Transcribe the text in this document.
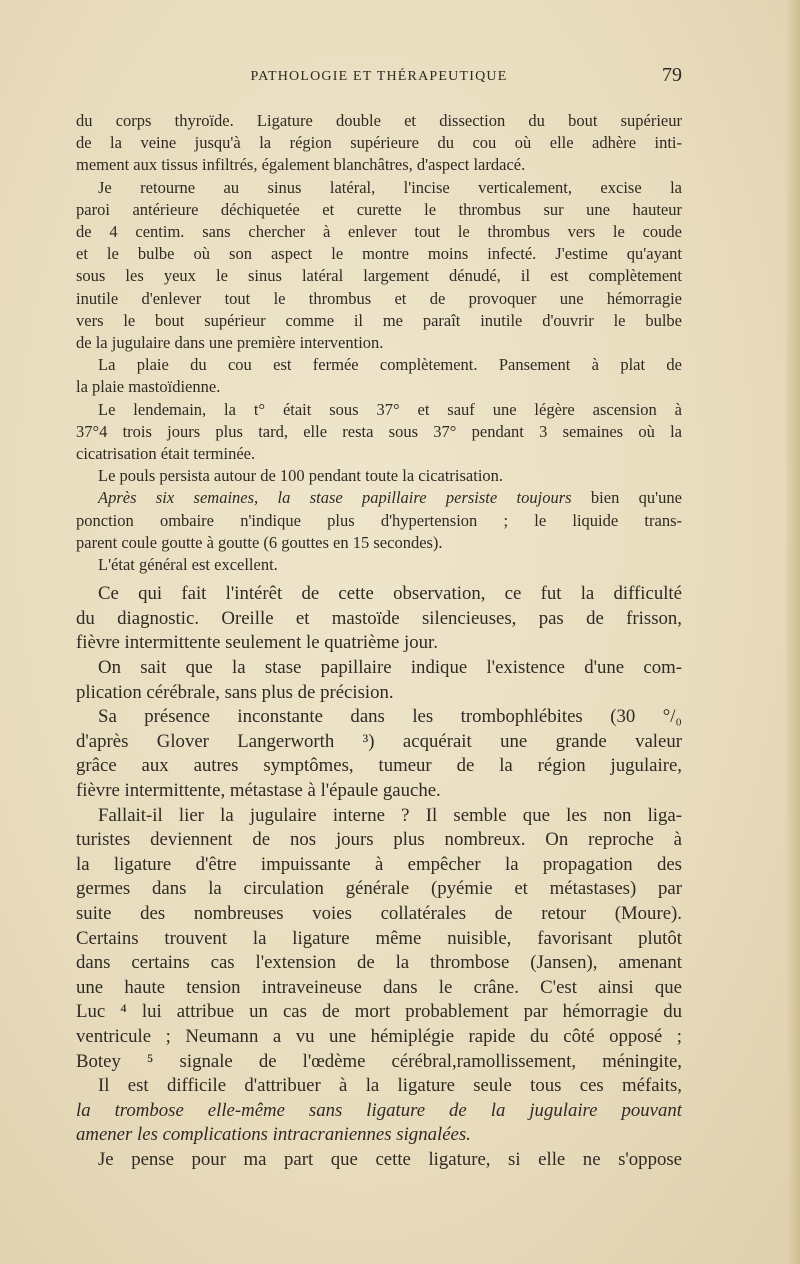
PATHOLOGIE ET THÉRAPEUTIQUE	79

du corps thyroïde. Ligature double et dissection du bout supérieur

de la veine jusqu'à la région supérieure du cou où elle adhère inti-

mement aux tissus infiltrés, également blanchâtres, d'aspect lardacé.

Je retourne au sinus latéral, l'incise verticalement, excise la

paroi antérieure déchiquetée et curette le thrombus sur une hauteur

de 4 centim. sans chercher à enlever tout le thrombus vers le coude

et le bulbe où son aspect le montre moins infecté. J'estime qu'ayant

sous les yeux le sinus latéral largement dénudé, il est complètement

inutile d'enlever tout le thrombus et de provoquer une hémorragie

vers le bout supérieur comme il me paraît inutile d'ouvrir le bulbe

de la jugulaire dans une première intervention.

La plaie du cou est fermée complètement. Pansement à plat de

la plaie mastoïdienne.

Le lendemain, la t° était sous 37° et sauf une légère ascension à

37°4 trois jours plus tard, elle resta sous 37° pendant 3 semaines où la

cicatrisation était terminée.

Le pouls persista autour de 100 pendant toute la cicatrisation.

Après six semaines, la stase papillaire persiste toujours bien qu'une

ponction ombaire n'indique plus d'hypertension ; le liquide trans-

parent coule goutte à goutte (6 gouttes en 15 secondes).

L'état général est excellent.

Ce qui fait l'intérêt de cette observation, ce fut la difficulté

du diagnostic. Oreille et mastoïde silencieuses, pas de frisson,

fièvre intermittente seulement le quatrième jour.

On sait que la stase papillaire indique l'existence d'une com-

plication cérébrale, sans plus de précision.

Sa présence inconstante dans les trombophlébites (30 °/₀

d'après Glover Langerworth ³) acquérait une grande valeur

grâce aux autres symptômes, tumeur de la région jugulaire,

fièvre intermittente, métastase à l'épaule gauche.

Fallait-il lier la jugulaire interne ? Il semble que les non liga-

turistes deviennent de nos jours plus nombreux. On reproche à

la ligature d'être impuissante à empêcher la propagation des

germes dans la circulation générale (pyémie et métastases) par

suite des nombreuses voies collatérales de retour (Moure).

Certains trouvent la ligature même nuisible, favorisant plutôt

dans certains cas l'extension de la thrombose (Jansen), amenant

une haute tension intraveineuse dans le crâne. C'est ainsi que

Luc ⁴ lui attribue un cas de mort probablement par hémorragie du

ventricule ; Neumann a vu une hémiplégie rapide du côté opposé ;

Botey ⁵ signale de l'œdème cérébral,ramollissement, méningite,

Il est difficile d'attribuer à la ligature seule tous ces méfaits,

la trombose elle-même sans ligature de la jugulaire pouvant

amener les complications intracraniennes signalées.

Je pense pour ma part que cette ligature, si elle ne s'oppose
